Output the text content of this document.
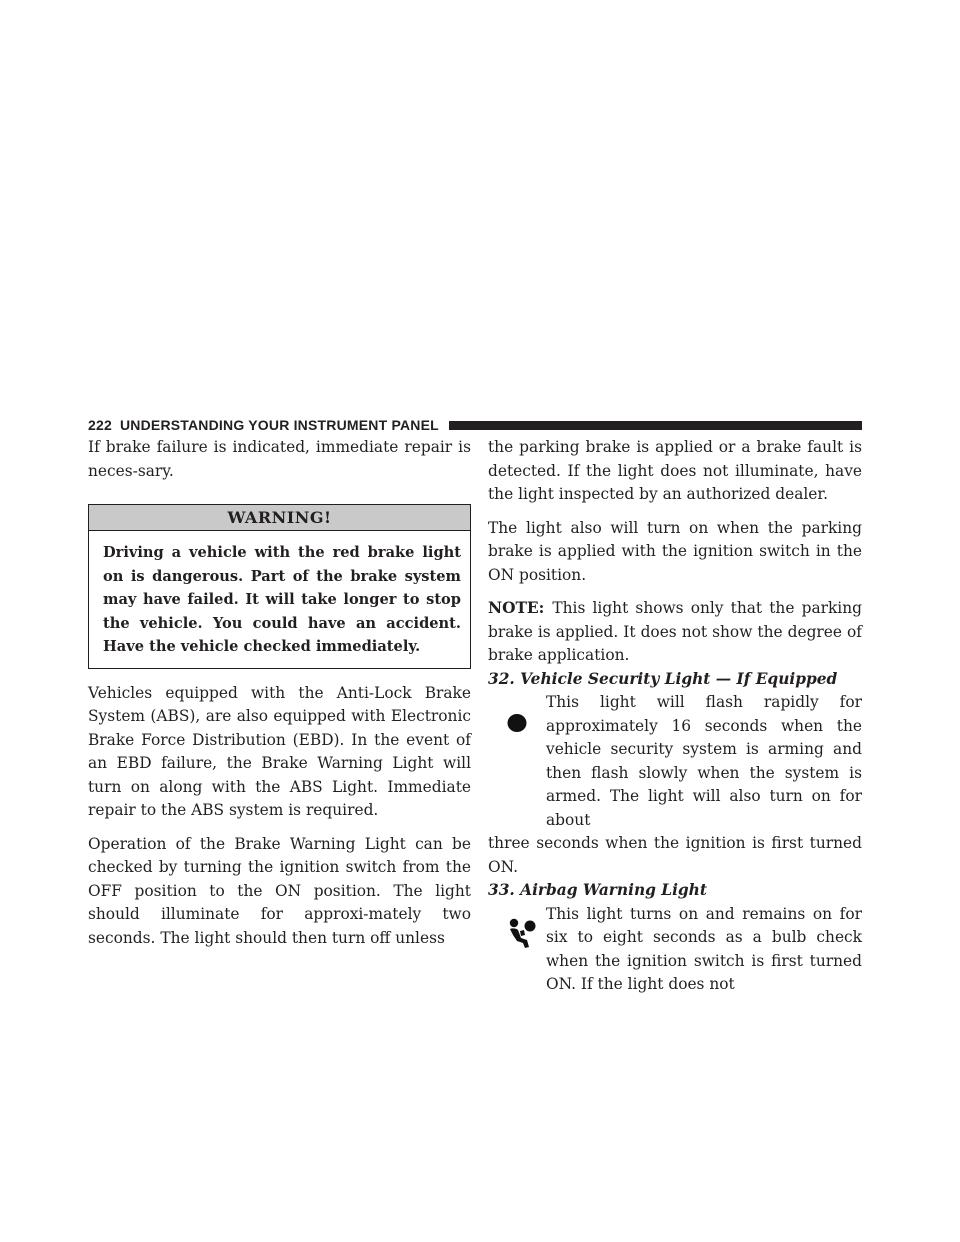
222 UNDERSTANDING YOUR INSTRUMENT PANEL

If brake failure is indicated, immediate repair is neces-sary.

WARNING!
Driving a vehicle with the red brake light on is dangerous. Part of the brake system may have failed. It will take longer to stop the vehicle. You could have an accident. Have the vehicle checked immediately.

Vehicles equipped with the Anti-Lock Brake System (ABS), are also equipped with Electronic Brake Force Distribution (EBD). In the event of an EBD failure, the Brake Warning Light will turn on along with the ABS Light. Immediate repair to the ABS system is required.

Operation of the Brake Warning Light can be checked by turning the ignition switch from the OFF position to the ON position. The light should illuminate for approxi-mately two seconds. The light should then turn off unless

the parking brake is applied or a brake fault is detected. If the light does not illuminate, have the light inspected by an authorized dealer.

The light also will turn on when the parking brake is applied with the ignition switch in the ON position.

NOTE: This light shows only that the parking brake is applied. It does not show the degree of brake application.

32. Vehicle Security Light — If Equipped

This light will flash rapidly for approximately 16 seconds when the vehicle security system is arming and then flash slowly when the system is armed. The light will also turn on for about

three seconds when the ignition is first turned ON.

33. Airbag Warning Light

This light turns on and remains on for six to eight seconds as a bulb check when the ignition switch is first turned ON. If the light does not
